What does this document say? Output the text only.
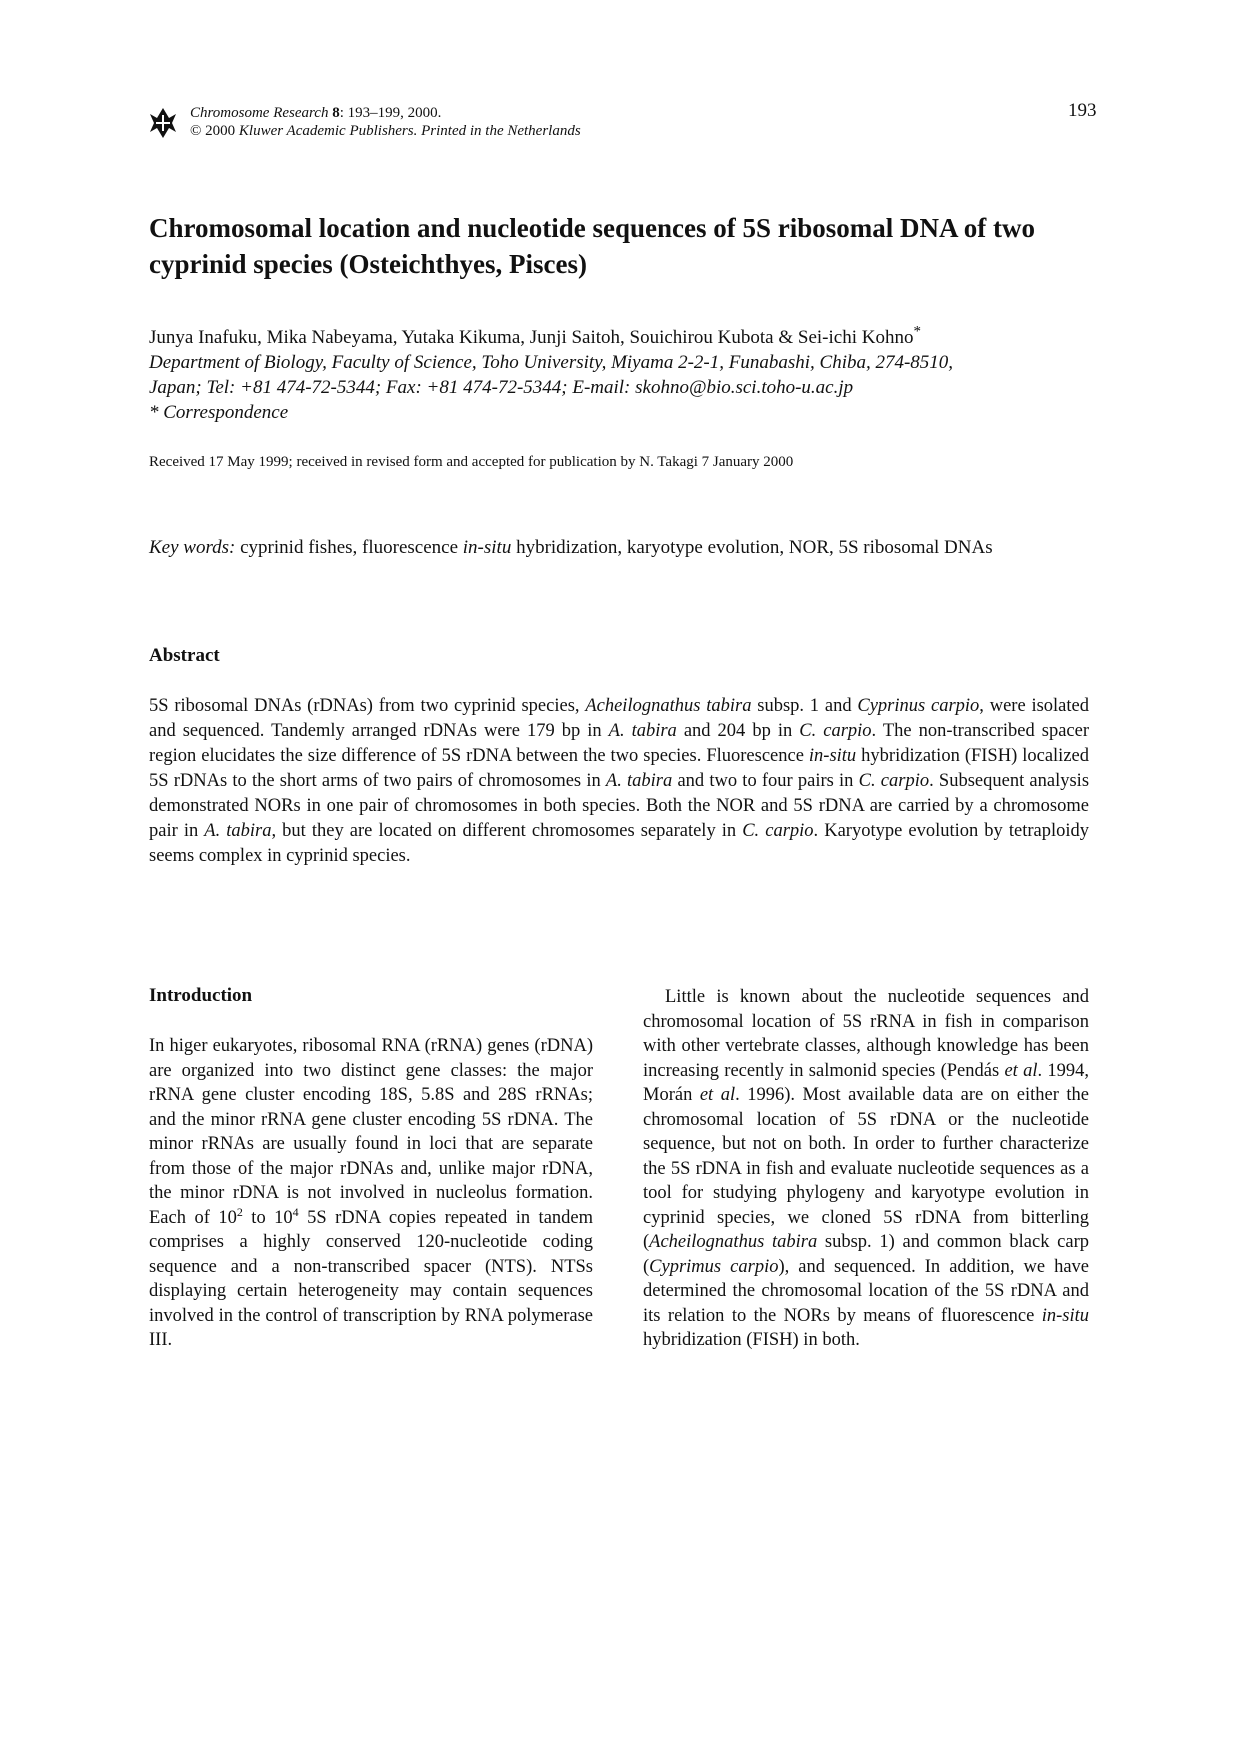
Chromosome Research 8: 193–199, 2000.
© 2000 Kluwer Academic Publishers. Printed in the Netherlands
193
Chromosomal location and nucleotide sequences of 5S ribosomal DNA of two cyprinid species (Osteichthyes, Pisces)
Junya Inafuku, Mika Nabeyama, Yutaka Kikuma, Junji Saitoh, Souichirou Kubota & Sei-ichi Kohno*
Department of Biology, Faculty of Science, Toho University, Miyama 2-2-1, Funabashi, Chiba, 274-8510,
Japan; Tel: +81 474-72-5344; Fax: +81 474-72-5344; E-mail: skohno@bio.sci.toho-u.ac.jp
* Correspondence
Received 17 May 1999; received in revised form and accepted for publication by N. Takagi 7 January 2000
Key words: cyprinid fishes, fluorescence in-situ hybridization, karyotype evolution, NOR, 5S ribosomal DNAs
Abstract

5S ribosomal DNAs (rDNAs) from two cyprinid species, Acheilognathus tabira subsp. 1 and Cyprinus carpio, were isolated and sequenced. Tandemly arranged rDNAs were 179 bp in A. tabira and 204 bp in C. carpio. The non-transcribed spacer region elucidates the size difference of 5S rDNA between the two species. Fluorescence in-situ hybridization (FISH) localized 5S rDNAs to the short arms of two pairs of chromosomes in A. tabira and two to four pairs in C. carpio. Subsequent analysis demonstrated NORs in one pair of chromosomes in both species. Both the NOR and 5S rDNA are carried by a chromosome pair in A. tabira, but they are located on different chromosomes separately in C. carpio. Karyotype evolution by tetraploidy seems complex in cyprinid species.

Introduction

In higer eukaryotes, ribosomal RNA (rRNA) genes (rDNA) are organized into two distinct gene classes: the major rRNA gene cluster encoding 18S, 5.8S and 28S rRNAs; and the minor rRNA gene cluster encoding 5S rDNA. The minor rRNAs are usually found in loci that are separate from those of the major rDNAs and, unlike major rDNA, the minor rDNA is not involved in nucleolus formation. Each of $10^2$ to $10^4$ 5S rDNA copies repeated in tandem comprises a highly conserved 120-nucleotide coding sequence and a non-transcribed spacer (NTS). NTSs displaying certain heterogeneity may contain sequences involved in the control of transcription by RNA polymerase III.

Little is known about the nucleotide sequences and chromosomal location of 5S rRNA in fish in comparison with other vertebrate classes, although knowledge has been increasing recently in salmonid species (Pendás et al. 1994, Morán et al. 1996). Most available data are on either the chromosomal location of 5S rDNA or the nucleotide sequence, but not on both. In order to further characterize the 5S rDNA in fish and evaluate nucleotide sequences as a tool for studying phylogeny and karyotype evolution in cyprinid species, we cloned 5S rDNA from bitterling (Acheilognathus tabira subsp. 1) and common black carp (Cyprimus carpio), and sequenced. In addition, we have determined the chromosomal location of the 5S rDNA and its relation to the NORs by means of fluorescence in-situ hybridization (FISH) in both.
